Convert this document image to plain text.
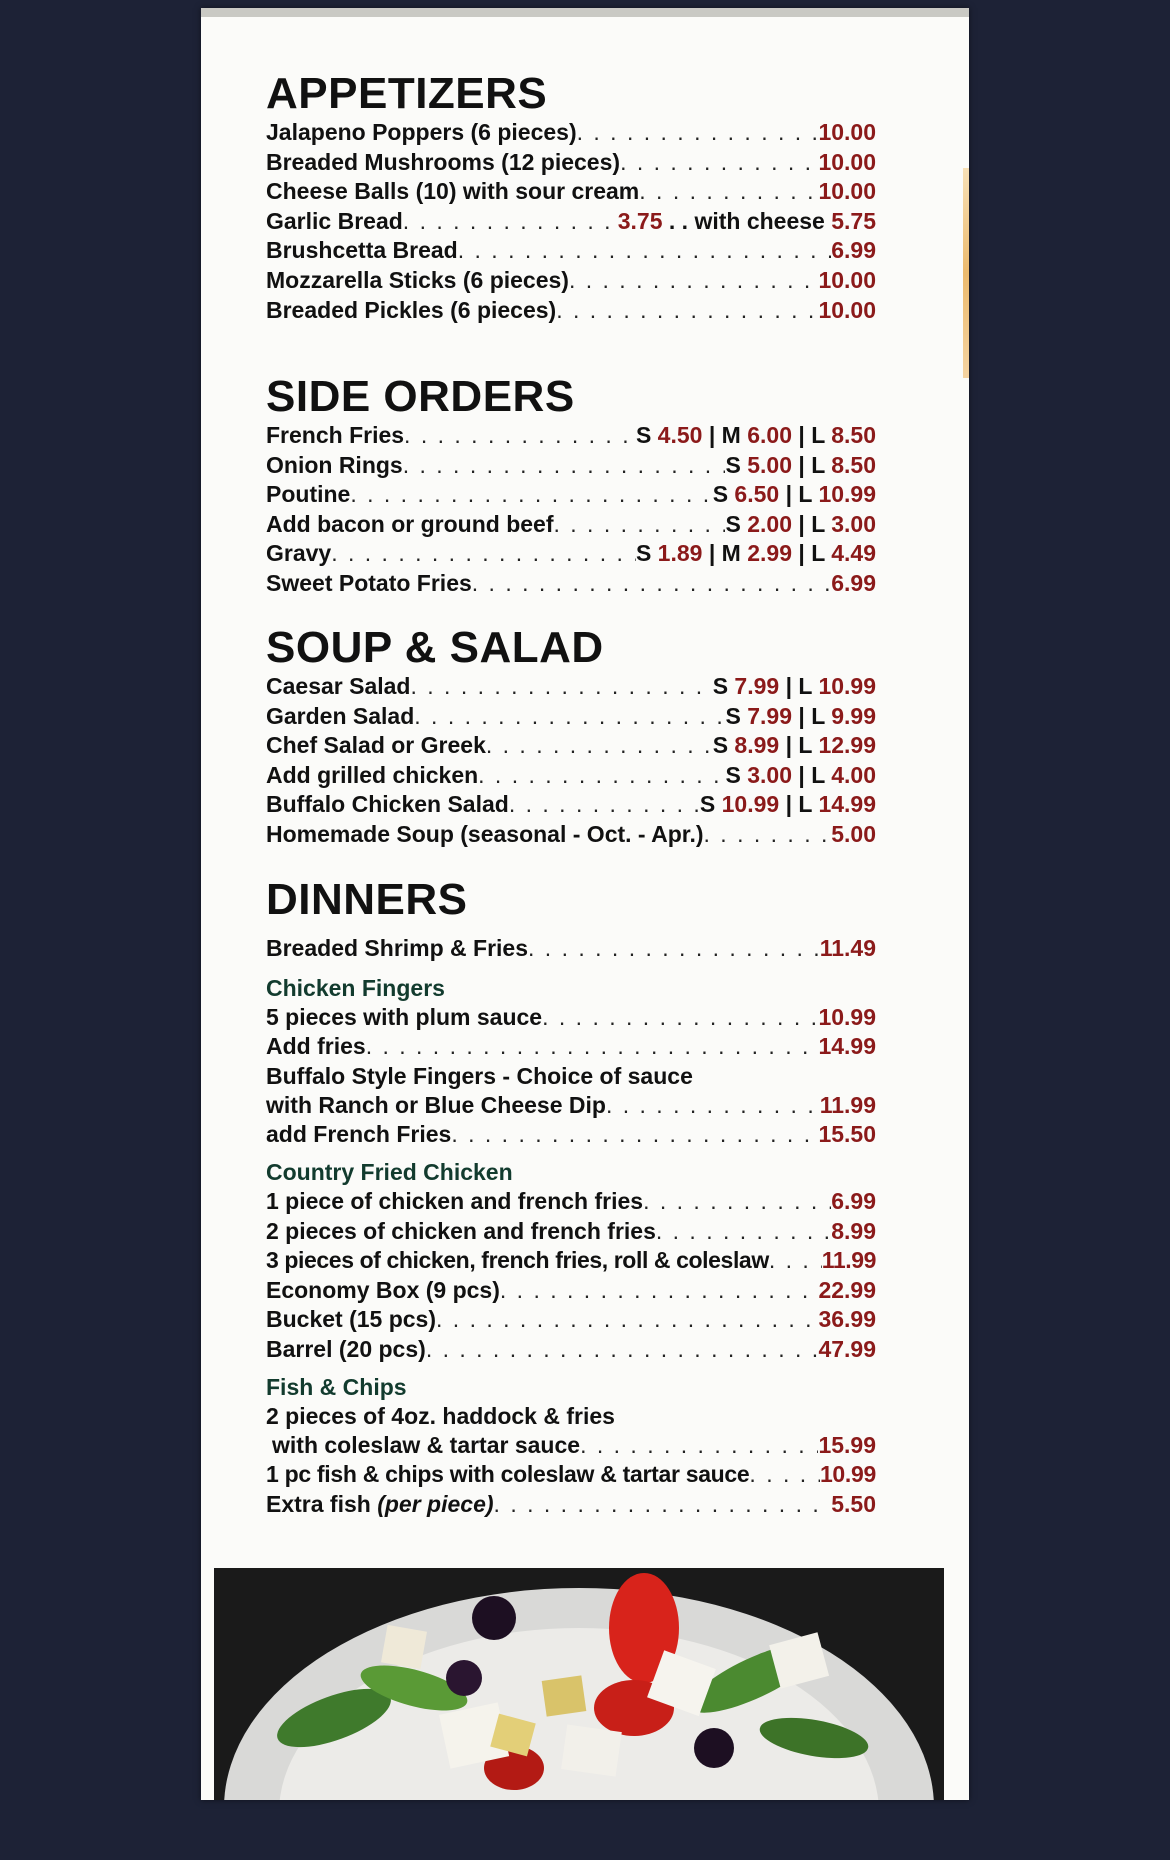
APPETIZERS
Jalapeno Poppers (6 pieces) . . .	10.00
Breaded Mushrooms (12 pieces) . . .	10.00
Cheese Balls (10) with sour cream . . .	10.00
Garlic Bread . . .	3.75 . . with cheese 5.75
Brushcetta Bread . . .	6.99
Mozzarella Sticks (6 pieces) . . .	10.00
Breaded Pickles (6 pieces) . . .	10.00
SIDE ORDERS
French Fries . . .	S 4.50 | M 6.00 | L 8.50
Onion Rings . . .	S 5.00 | L 8.50
Poutine . . .	S 6.50 | L 10.99
Add bacon or ground beef . . .	S 2.00 | L 3.00
Gravy . . .	S 1.89 | M 2.99 | L 4.49
Sweet Potato Fries . . .	6.99
SOUP & SALAD
Caesar Salad . . .	S 7.99 | L 10.99
Garden Salad . . .	S 7.99 | L 9.99
Chef Salad or Greek . . .	S 8.99 | L 12.99
Add grilled chicken . . .	S 3.00 | L 4.00
Buffalo Chicken Salad . . .	S 10.99 | L 14.99
Homemade Soup (seasonal - Oct. - Apr.) . . .	5.00
DINNERS
Breaded Shrimp & Fries . . .	11.49
Chicken Fingers
5 pieces with plum sauce . . .	10.99
Add fries . . .	14.99
Buffalo Style Fingers - Choice of sauce
with Ranch or Blue Cheese Dip . . .	11.99
add French Fries . . .	15.50
Country Fried Chicken
1 piece of chicken and french fries . . .	6.99
2 pieces of chicken and french fries . . .	8.99
3 pieces of chicken, french fries, roll & coleslaw . . . 11.99
Economy Box (9 pcs) . . .	22.99
Bucket (15 pcs) . . .	36.99
Barrel (20 pcs) . . .	47.99
Fish & Chips
2 pieces of 4oz. haddock & fries
with coleslaw & tartar sauce . . .	15.99
1 pc fish & chips with coleslaw & tartar sauce . . .	10.99
Extra fish (per piece) . . .	5.50
